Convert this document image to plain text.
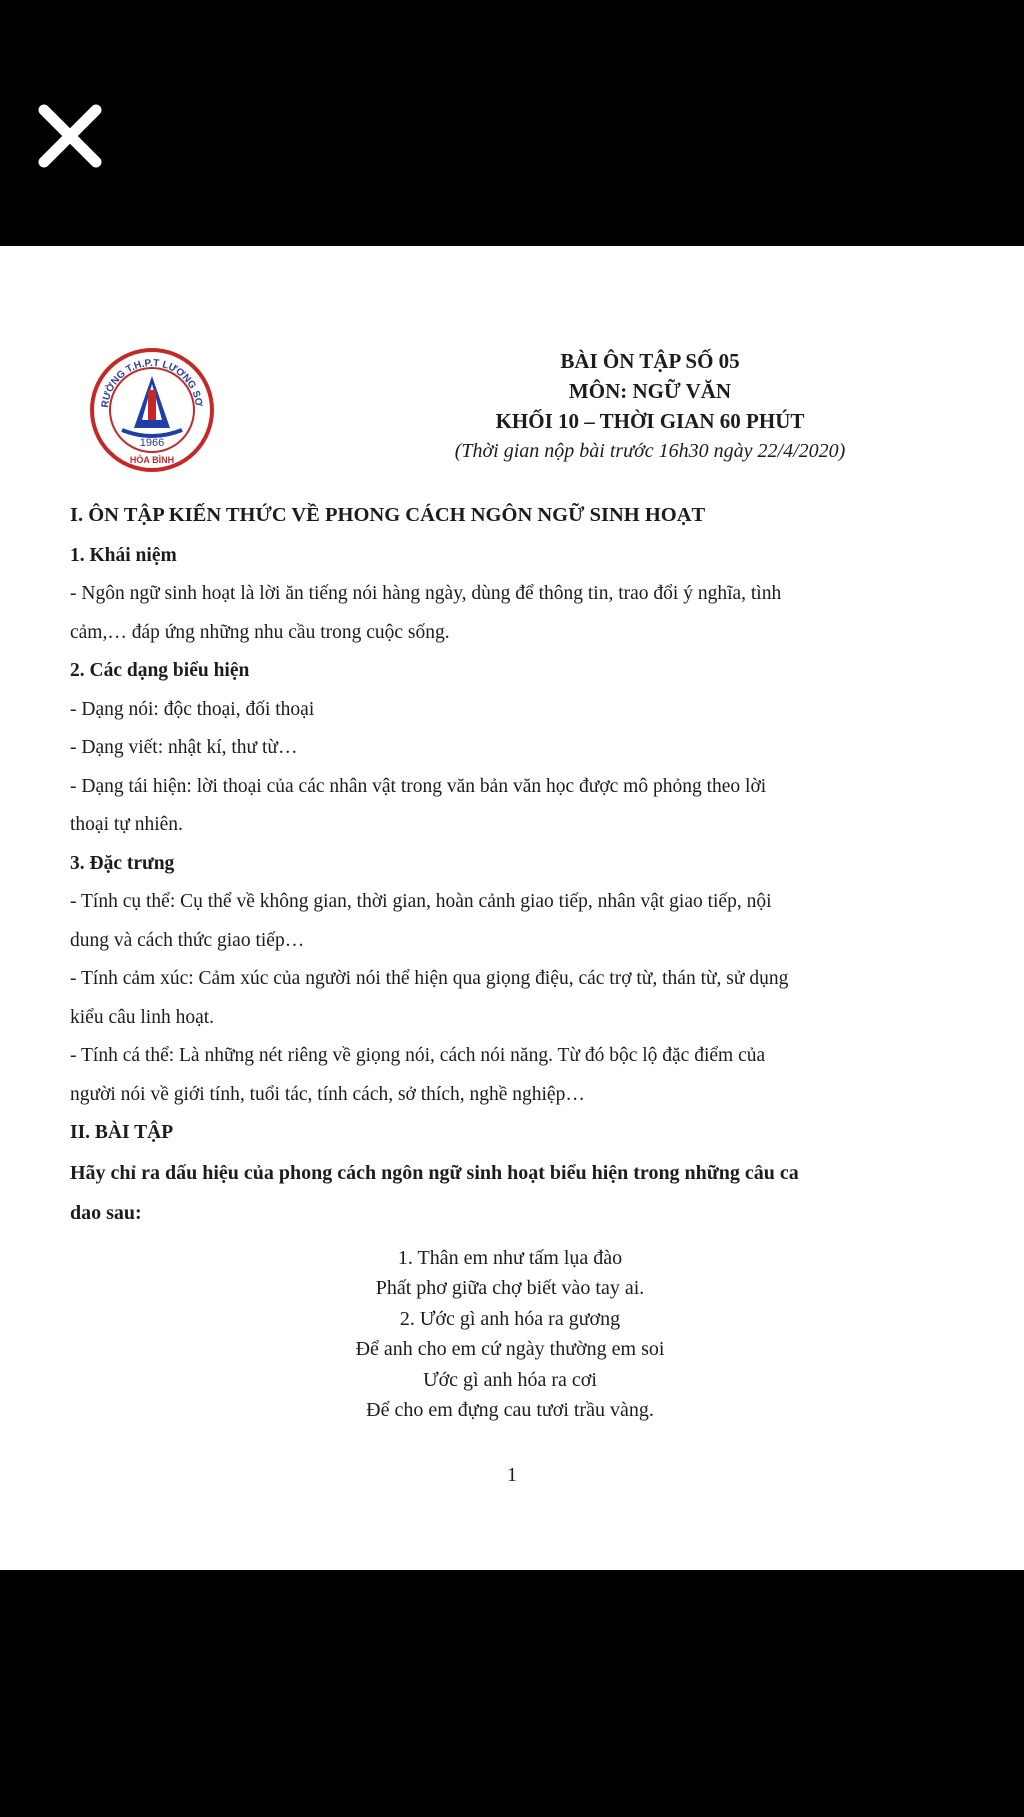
RƯỜNG T.H.P.T LƯƠNG SƠ
1966
HÒA BÌNH
BÀI ÔN TẬP SỐ 05
MÔN: NGỮ VĂN
KHỐI 10 – THỜI GIAN 60 PHÚT
(Thời gian nộp bài trước 16h30 ngày 22/4/2020)

I. ÔN TẬP KIẾN THỨC VỀ PHONG CÁCH NGÔN NGỮ SINH HOẠT

1. Khái niệm

- Ngôn ngữ sinh hoạt là lời ăn tiếng nói hàng ngày, dùng để thông tin, trao đổi ý nghĩa, tình

cảm,… đáp ứng những nhu cầu trong cuộc sống.

2. Các dạng biểu hiện

- Dạng nói: độc thoại, đối thoại

- Dạng viết: nhật kí, thư từ…

- Dạng tái hiện: lời thoại của các nhân vật trong văn bản văn học được mô phỏng theo lời

thoại tự nhiên.

3. Đặc trưng

- Tính cụ thể: Cụ thể về không gian, thời gian, hoàn cảnh giao tiếp, nhân vật giao tiếp, nội

dung và cách thức giao tiếp…

- Tính cảm xúc: Cảm xúc của người nói thể hiện qua giọng điệu, các trợ từ, thán từ, sử dụng

kiểu câu linh hoạt.

- Tính cá thể: Là những nét riêng về giọng nói, cách nói năng. Từ đó bộc lộ đặc điểm của

người nói về giới tính, tuổi tác, tính cách, sở thích, nghề nghiệp…

II. BÀI TẬP

Hãy chỉ ra dấu hiệu của phong cách ngôn ngữ sinh hoạt biểu hiện trong những câu ca

dao sau:

1. Thân em như tấm lụa đào
Phất phơ giữa chợ biết vào tay ai.
2. Ước gì anh hóa ra gương
Để anh cho em cứ ngày thường em soi
Ước gì anh hóa ra cơi
Để cho em đựng cau tươi trầu vàng.
1
